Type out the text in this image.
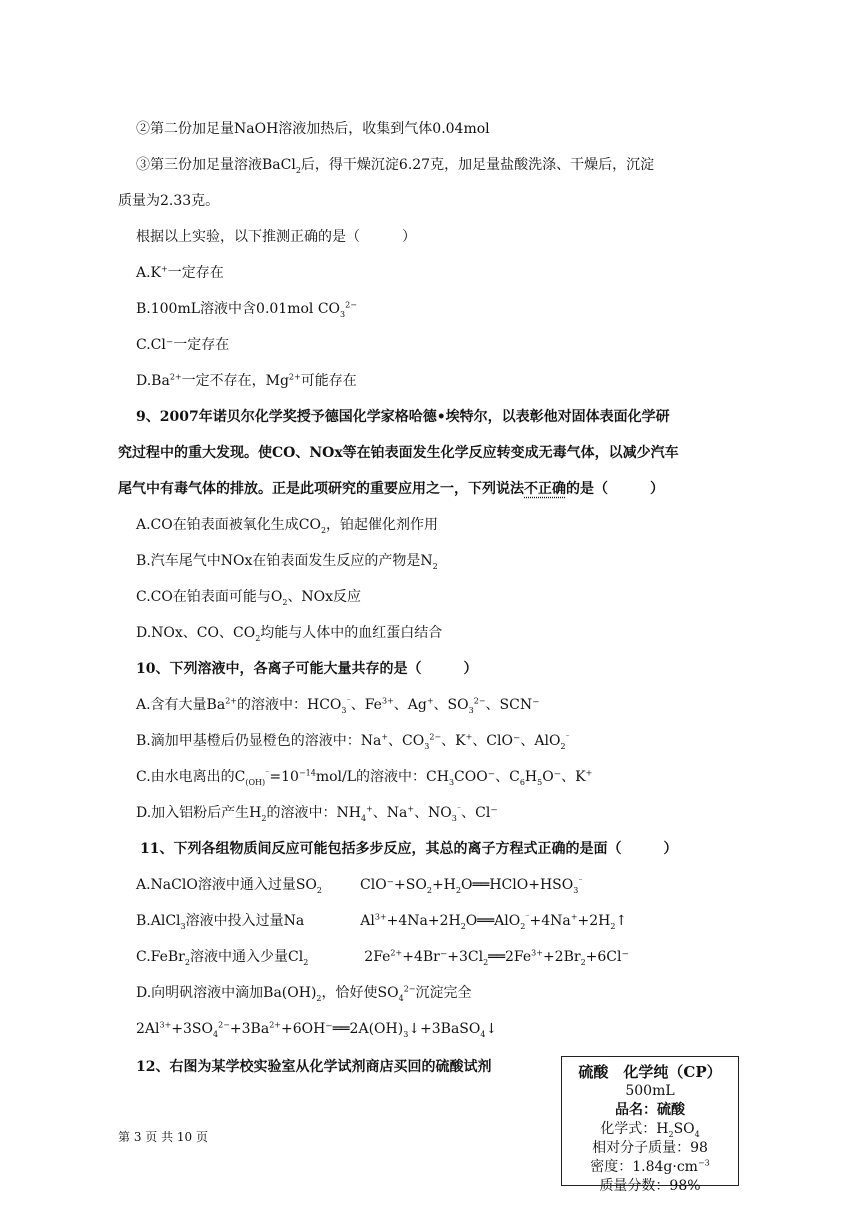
②第二份加足量NaOH溶液加热后，收集到气体0.04mol
③第三份加足量溶液BaCl$_2$后，得干燥沉淀6.27克，加足量盐酸洗涤、干燥后，沉淀
质量为2.33克。
根据以上实验，以下推测正确的是（　　　）
A.K+一定存在
B.100mL溶液中含0.01mol $CO_3^{2-}$
C.Cl⁻一定存在
$D.Ba^{2+}$一定不存在，$Mg^{2+}$可能存在
9、2007年诺贝尔化学奖授予德国化学家格哈德•埃特尔，以表彰他对固体表面化学研
究过程中的重大发现。使CO、NOx等在铂表面发生化学反应转变成无毒气体，以减少汽车
尾气中有毒气体的排放。正是此项研究的重要应用之一，下列说法不正确的是（　　　）
A.CO在铂表面被氧化生成$CO_2$，铂起催化剂作用
B.汽车尾气中NOx在铂表面发生反应的产物是$N_2$
C.CO在铂表面可能与$O_2$、NOx反应
D.NOx、CO、$CO_2$均能与人体中的血红蛋白结合
10、下列溶液中，各离子可能大量共存的是（　　　）
A.含有大量$Ba^{2+}$的溶液中：$HCO_3^{^-}$、$Fe^{3+}$、Ag+、$SO_3^{2-}$、SCN⁻
B.滴加甲基橙后仍显橙色的溶液中：Na+、$CO_3^{2-}$、K+、ClO⁻、AlO$_2$⁻
C.由水电离出的$C_{(OH)}^{^-}=10^{-14}mol/L$的溶液中：$CH_3COO^-$、$C_6H_5O^-$、K+
D.加入铝粉后产生$H_2$的溶液中：$NH_4^+$、Na+、$NO_3^{^-}$、Cl⁻
11、下列各组物质间反应可能包括多步反应，其总的离子方程式正确的是面（　　　）
A.NaClO溶液中通入过量$SO_2$	$ClO^-+SO_2+H_2O══HClO+HSO_3^{^-}$
B.AlCl$_3$溶液中投入过量Na	$Al^{3+}+4Na+2H_2O══AlO_2^{^-}+4Na^++2H_2↑$
C.FeBr$_2$溶液中通入少量$Cl_2$	$2Fe^{2+}+4Br^-+3Cl_2══2Fe^{3+}+2Br_2+6Cl^-$
D.向明矾溶液中滴加$Ba(OH)_2$，恰好使$SO_4^{2-}$沉淀完全
$2Al^{3+}+3SO_4^{2-}+3Ba^{2+}+6OH^-══2A(OH)_3↓+3BaSO_4↓$
12、右图为某学校实验室从化学试剂商店买回的硫酸试剂	硫酸　化学纯（CP）
500mL
品名：硫酸
化学式：$H_2SO_4$
相对分子质量：98
密度：$1.84g\cdot cm^{-3}$
质量分数：98%
第 3 页 共 10 页
